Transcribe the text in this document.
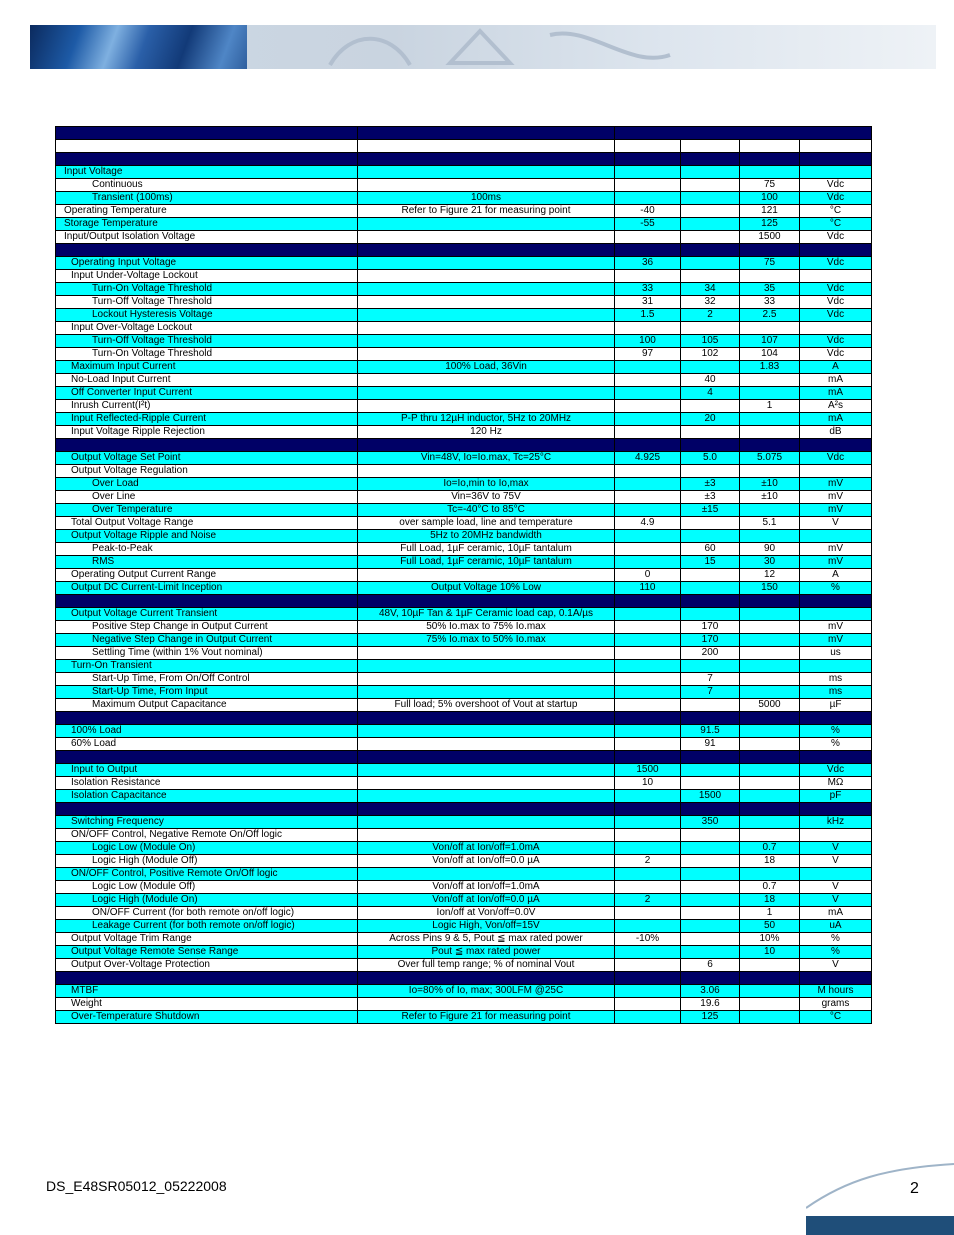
Input Voltage					
Continuous				75	Vdc
Transient (100ms)	100ms			100	Vdc
Operating Temperature	Refer to Figure 21 for measuring point	-40		121	°C
Storage Temperature		-55		125	°C
Input/Output Isolation Voltage				1500	Vdc

Operating Input Voltage		36		75	Vdc
Input Under-Voltage Lockout					
Turn-On Voltage Threshold		33	34	35	Vdc
Turn-Off Voltage Threshold		31	32	33	Vdc
Lockout Hysteresis Voltage		1.5	2	2.5	Vdc
Input Over-Voltage Lockout					
Turn-Off Voltage Threshold		100	105	107	Vdc
Turn-On Voltage Threshold		97	102	104	Vdc
Maximum Input Current	100% Load, 36Vin			1.83	A
No-Load Input Current			40		mA
Off Converter Input Current			4		mA
Inrush Current(I²t)				1	A²s
Input Reflected-Ripple Current	P-P thru 12µH inductor, 5Hz to 20MHz		20		mA
Input Voltage Ripple Rejection	120 Hz				dB

Output Voltage Set Point	Vin=48V, Io=Io.max, Tc=25°C	4.925	5.0	5.075	Vdc
Output Voltage Regulation					
Over Load	Io=Io,min to Io,max		±3	±10	mV
Over Line	Vin=36V to 75V		±3	±10	mV
Over Temperature	Tc=-40°C to 85°C		±15		mV
Total Output Voltage Range	over sample load, line and temperature	4.9		5.1	V
Output Voltage Ripple and Noise	5Hz to 20MHz bandwidth				
Peak-to-Peak	Full Load, 1µF ceramic, 10µF tantalum		60	90	mV
RMS	Full Load, 1µF ceramic, 10µF tantalum		15	30	mV
Operating Output Current Range		0		12	A
Output DC Current-Limit Inception	Output Voltage 10% Low	110		150	%

Output Voltage Current Transient	48V, 10µF Tan & 1µF Ceramic load cap, 0.1A/µs				
Positive Step Change in Output Current	50% Io.max to 75% Io.max		170		mV
Negative Step Change in Output Current	75% Io.max to 50% Io.max		170		mV
Settling Time (within 1% Vout nominal)			200		us
Turn-On Transient					
Start-Up Time, From On/Off Control			7		ms
Start-Up Time, From Input			7		ms
Maximum Output Capacitance	Full load; 5% overshoot of Vout at startup			5000	µF

100% Load			91.5		%
60% Load			91		%

Input to Output		1500			Vdc
Isolation Resistance		10			MΩ
Isolation Capacitance			1500		pF

Switching Frequency			350		kHz
ON/OFF Control, Negative Remote On/Off logic					
Logic Low (Module On)	Von/off at Ion/off=1.0mA			0.7	V
Logic High (Module Off)	Von/off at Ion/off=0.0 µA	2		18	V
ON/OFF Control, Positive Remote On/Off logic					
Logic Low (Module Off)	Von/off at Ion/off=1.0mA			0.7	V
Logic High (Module On)	Von/off at Ion/off=0.0 µA	2		18	V
ON/OFF Current (for both remote on/off logic)	Ion/off at Von/off=0.0V			1	mA
Leakage Current (for both remote on/off logic)	Logic High, Von/off=15V			50	uA
Output Voltage Trim Range	Across Pins 9 & 5, Pout ≦ max rated power	-10%		10%	%
Output Voltage Remote Sense Range	Pout ≦ max rated power			10	%
Output Over-Voltage Protection	Over full temp range; % of nominal Vout		6		V

MTBF	Io=80% of Io, max; 300LFM @25C		3.06		M hours
Weight			19.6		grams
Over-Temperature Shutdown	Refer to Figure 21 for measuring point		125		°C
DS_E48SR05012_05222008	2
